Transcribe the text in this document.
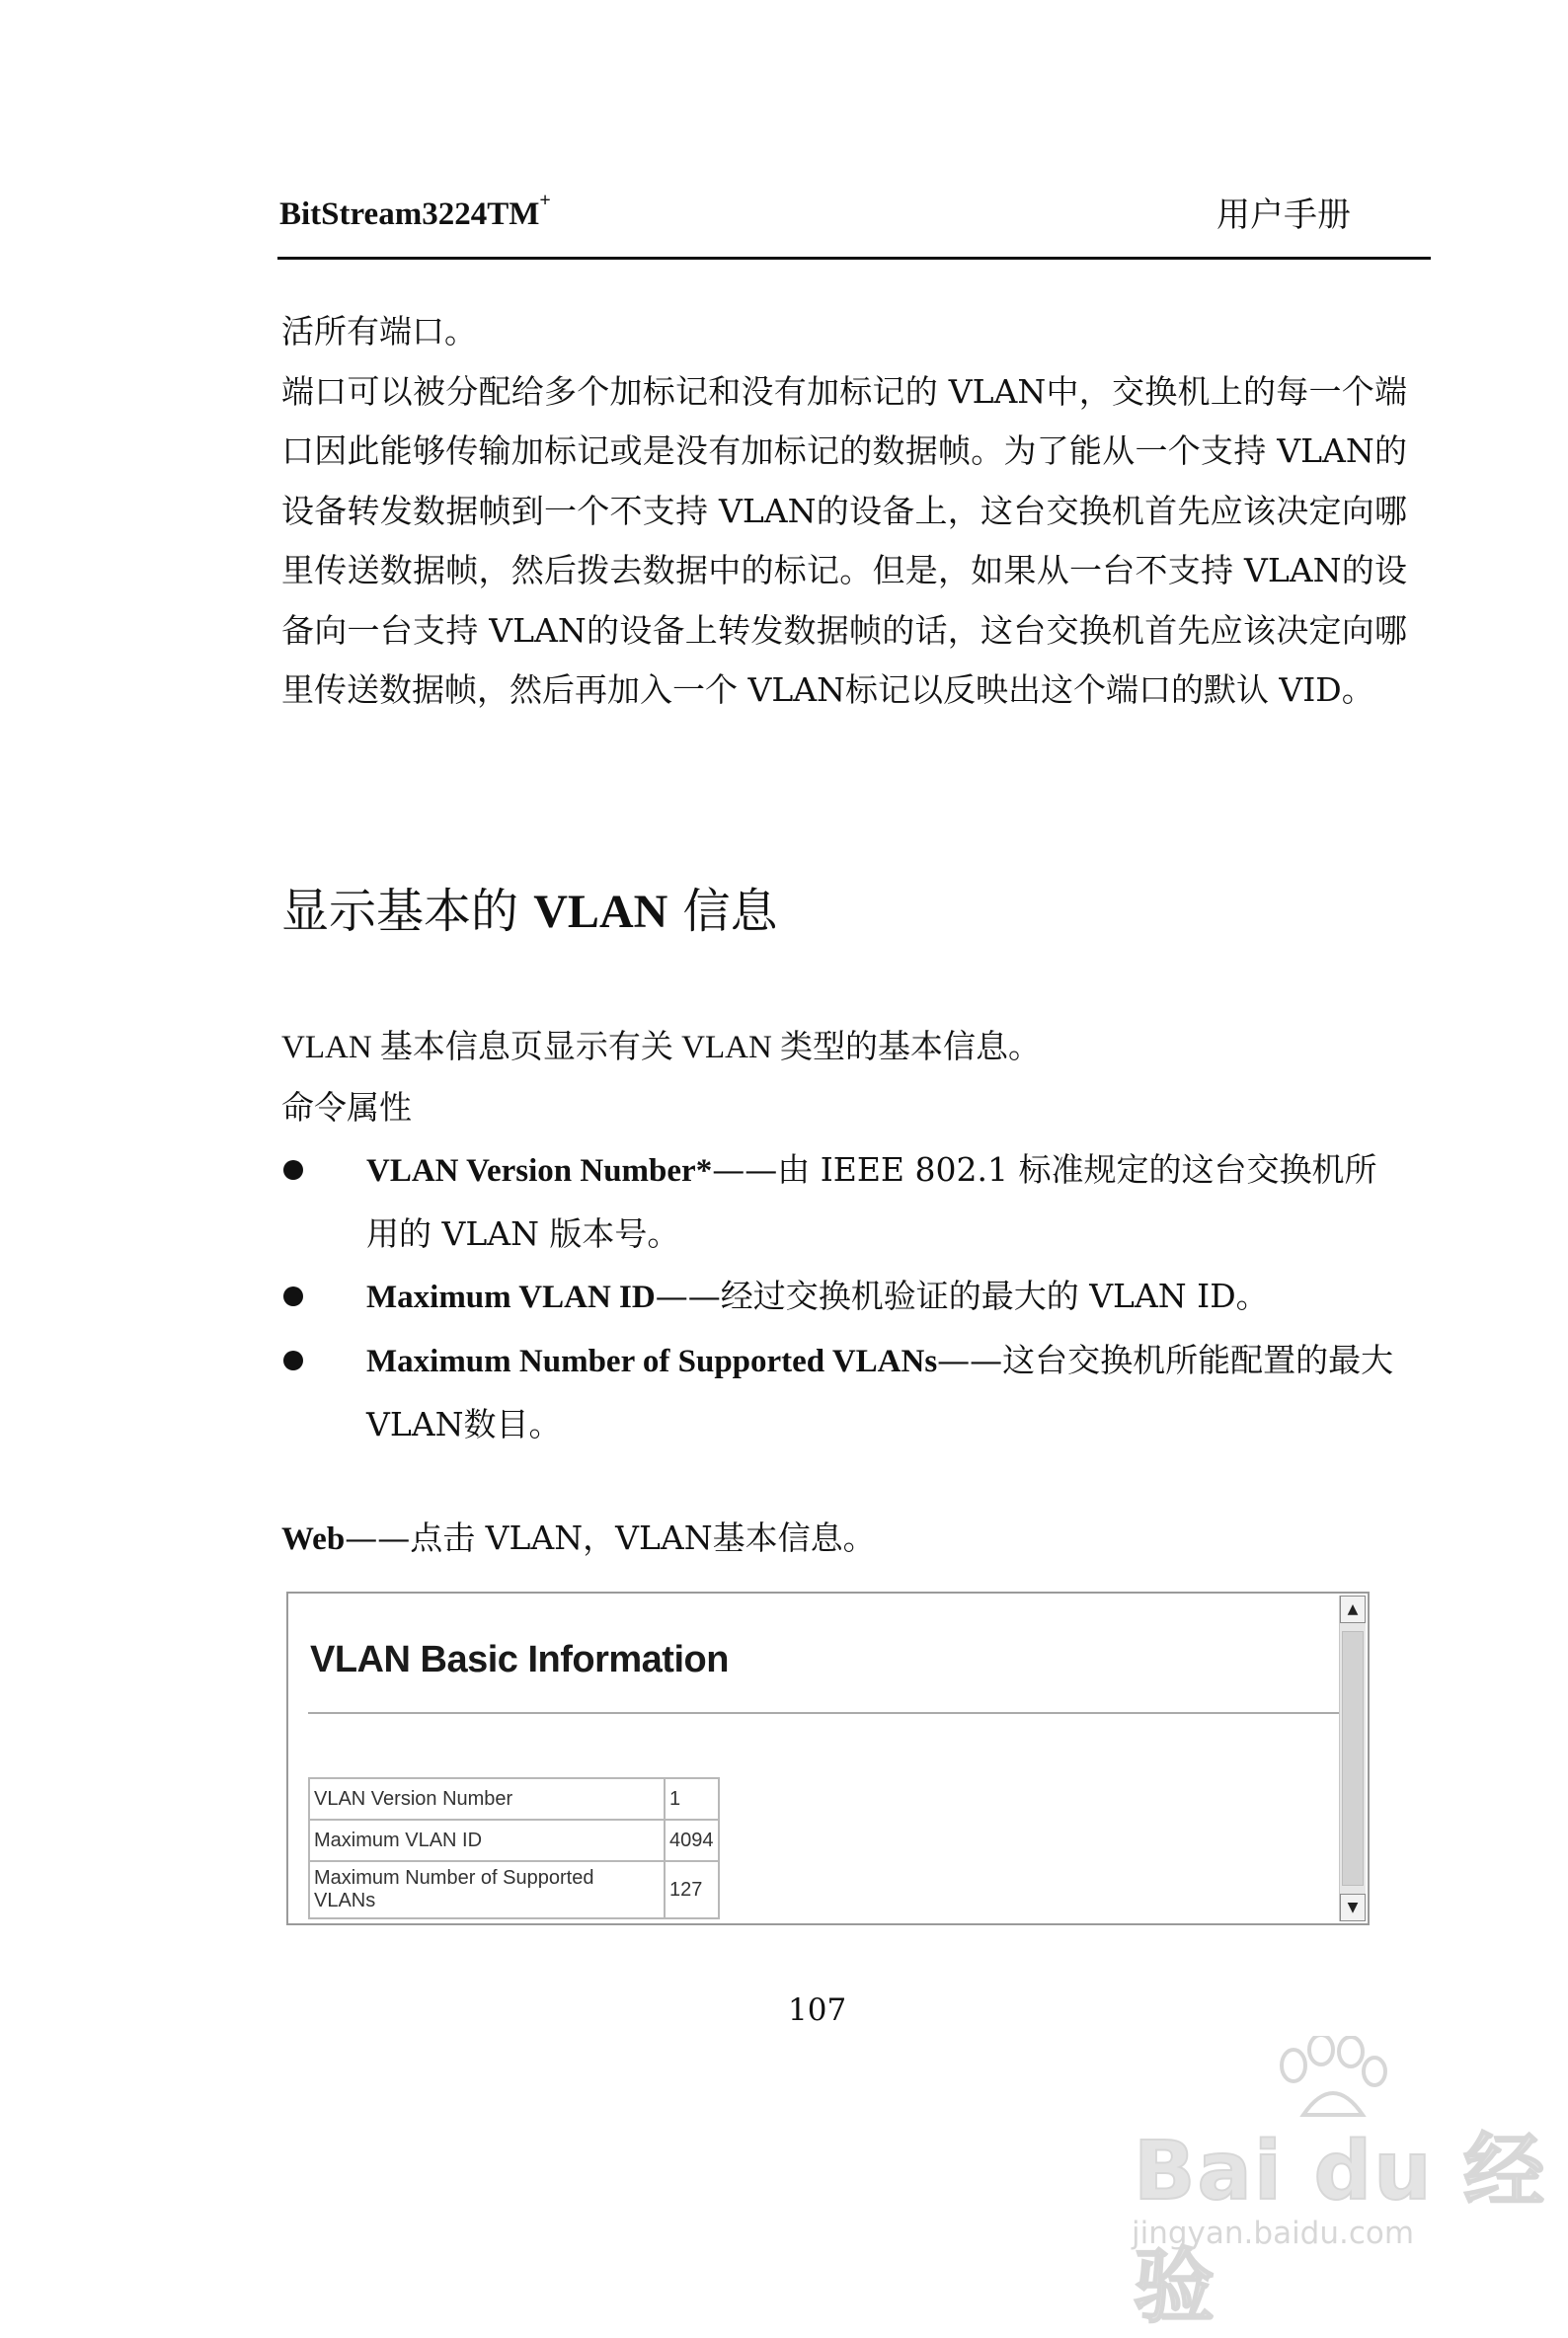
BitStream3224TM+	用户手册

活所有端口。

端口可以被分配给多个加标记和没有加标记的 VLAN中，交换机上的每一个端口因此能够传输加标记或是没有加标记的数据帧。为了能从一个支持 VLAN的设备转发数据帧到一个不支持 VLAN的设备上，这台交换机首先应该决定向哪里传送数据帧，然后拨去数据中的标记。但是，如果从一台不支持 VLAN的设备向一台支持 VLAN的设备上转发数据帧的话，这台交换机首先应该决定向哪里传送数据帧，然后再加入一个 VLAN标记以反映出这个端口的默认 VID。

显示基本的 VLAN 信息
VLAN 基本信息页显示有关 VLAN 类型的基本信息。
命令属性
VLAN Version Number*——由 IEEE 802.1 标准规定的这台交换机所用的 VLAN 版本号。
Maximum VLAN ID——经过交换机验证的最大的 VLAN ID。
Maximum Number of Supported VLANs——这台交换机所能配置的最大 VLAN数目。
Web——点击 VLAN，VLAN基本信息。
VLAN Basic Information
VLAN Version Number	1
Maximum VLAN ID	4094
Maximum Number of Supported VLANs	127
▲
▼
107
Bai du 经验
jingyan.baidu.com
